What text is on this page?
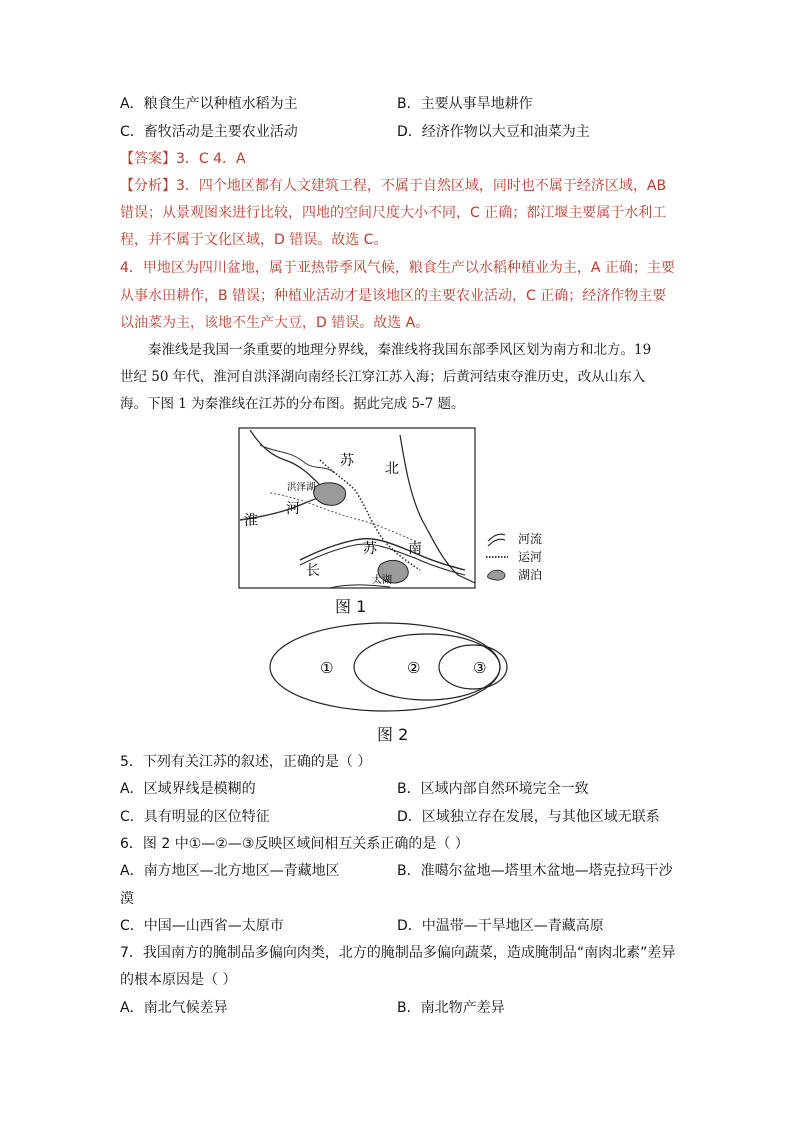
A．粮食生产以种植水稻为主	B．主要从事旱地耕作
C．畜牧活动是主要农业活动	D．经济作物以大豆和油菜为主
【答案】3．C 4．A
【分析】3．四个地区都有人文建筑工程，不属于自然区域，同时也不属于经济区域，AB
错误；从景观图来进行比较，四地的空间尺度大小不同，C 正确；都江堰主要属于水利工
程，并不属于文化区域，D 错误。故选 C。
4．甲地区为四川盆地，属于亚热带季风气候，粮食生产以水稻种植业为主，A 正确；主要
从事水田耕作，B 错误；种植业活动才是该地区的主要农业活动，C 正确；经济作物主要
以油菜为主，该地不生产大豆，D 错误。故选 A。
秦淮线是我国一条重要的地理分界线，秦淮线将我国东部季风区划为南方和北方。19
世纪 50 年代，淮河自洪泽湖向南经长江穿江苏入海；后黄河结束夺淮历史，改从山东入
海。下图 1 为秦淮线在江苏的分布图。据此完成 5-7 题。
苏 北
洪泽湖
淮
河
苏 南
长
太湖
河流
运河
湖泊
图 1
①	②	③
图 2
5．下列有关江苏的叙述，正确的是（ ）
A．区域界线是模糊的	B．区域内部自然环境完全一致
C．具有明显的区位特征	D．区域独立存在发展，与其他区域无联系
6．图 2 中①—②—③反映区域间相互关系正确的是（ ）
A．南方地区—北方地区—青藏地区	B．准噶尔盆地—塔里木盆地—塔克拉玛干沙
漠
C．中国—山西省—太原市	D．中温带—干旱地区—青藏高原
7．我国南方的腌制品多偏向肉类，北方的腌制品多偏向蔬菜，造成腌制品“南肉北素”差异
的根本原因是（ ）
A．南北气候差异	B．南北物产差异
